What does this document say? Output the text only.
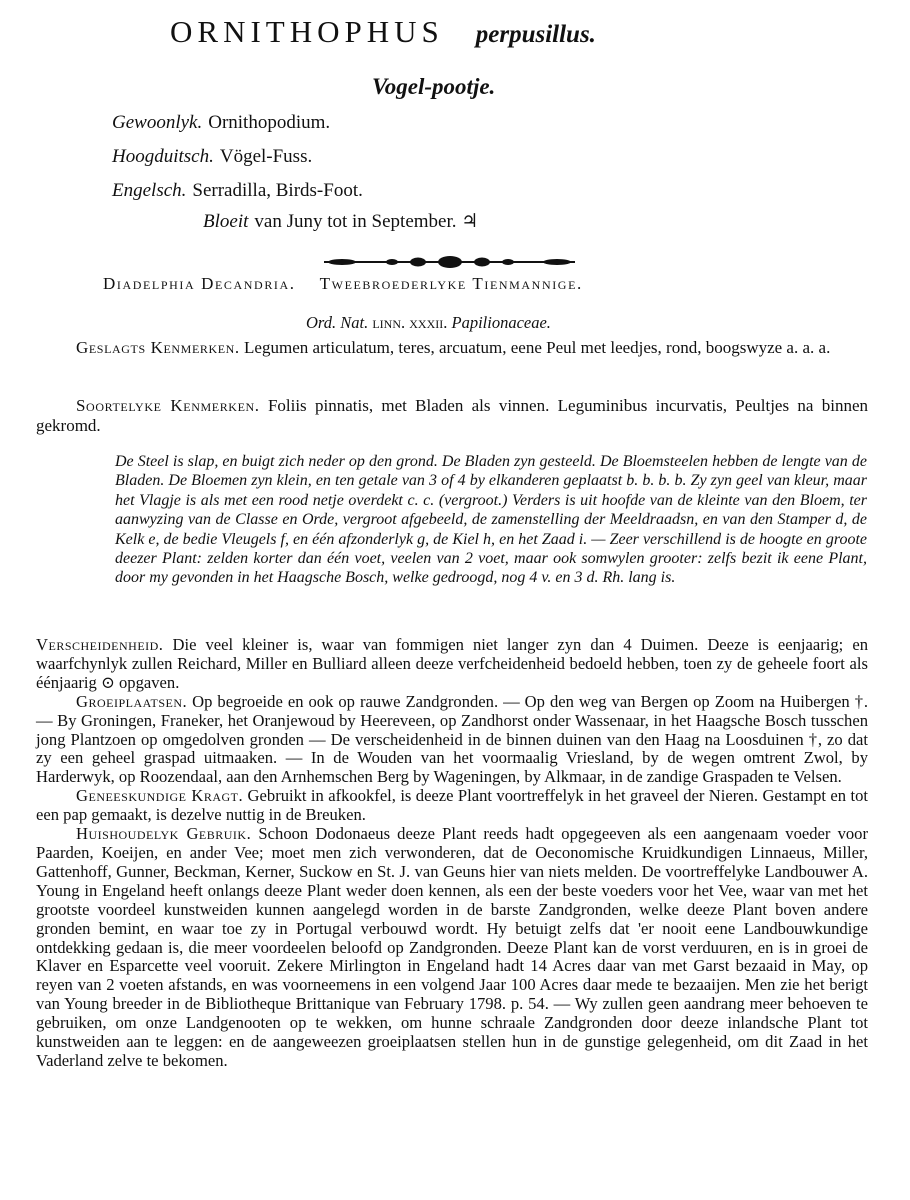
ORNITHOPHUS perpusillus.
Vogel-pootje.
Gewoonlyk. Ornithopodium.
Hoogduitsch. Vögel-Fuss.
Engelsch. Serradilla, Birds-Foot.
Bloeit van Juny tot in September. ♃
Diadelphia Decandria. Tweebroederlyke Tienmannige.
Ord. Nat. linn. xxxii. Papilionaceae.

Geslagts Kenmerken. Legumen articulatum, teres, arcuatum, eene Peul met leedjes, rond, boogswyze a. a. a.

Soortelyke Kenmerken. Foliis pinnatis, met Bladen als vinnen. Leguminibus incurvatis, Peultjes na binnen gekromd.

De Steel is slap, en buigt zich neder op den grond. De Bladen zyn gesteeld. De Bloemsteelen hebben de lengte van de Bladen. De Bloemen zyn klein, en ten getale van 3 of 4 by elkanderen geplaatst b. b. b. b. Zy zyn geel van kleur, maar het Vlagje is als met een rood netje overdekt c. c. (vergroot.) Verders is uit hoofde van de kleinte van den Bloem, ter aanwyzing van de Classe en Orde, vergroot afgebeeld, de zamenstelling der Meeldraadsn, en van den Stamper d, de Kelk e, de bedie Vleugels f, en één afzonderlyk g, de Kiel h, en het Zaad i. — Zeer verschillend is de hoogte en groote deezer Plant: zelden korter dan één voet, veelen van 2 voet, maar ook somwylen grooter: zelfs bezit ik eene Plant, door my gevonden in het Haagsche Bosch, welke gedroogd, nog 4 v. en 3 d. Rh. lang is.

Verscheidenheid. Die veel kleiner is, waar van fommigen niet langer zyn dan 4 Duimen. Deeze is eenjaarig; en waarfchynlyk zullen Reichard, Miller en Bulliard alleen deeze verfcheidenheid bedoeld hebben, toen zy de geheele foort als éénjaarig ⊙ opgaven.

Groeiplaatsen. Op begroeide en ook op rauwe Zandgronden. — Op den weg van Bergen op Zoom na Huibergen †. — By Groningen, Franeker, het Oranjewoud by Heereveen, op Zandhorst onder Wassenaar, in het Haagsche Bosch tusschen jong Plantzoen op omgedolven gronden — De verscheidenheid in de binnen duinen van den Haag na Loosduinen †, zo dat zy een geheel graspad uitmaaken. — In de Wouden van het voormaalig Vriesland, by de wegen omtrent Zwol, by Harderwyk, op Roozendaal, aan den Arnhemschen Berg by Wageningen, by Alkmaar, in de zandige Graspaden te Velsen.

Geneeskundige Kragt. Gebruikt in afkookfel, is deeze Plant voortreffelyk in het graveel der Nieren. Gestampt en tot een pap gemaakt, is dezelve nuttig in de Breuken.

Huishoudelyk Gebruik. Schoon Dodonaeus deeze Plant reeds hadt opgegeeven als een aangenaam voeder voor Paarden, Koeijen, en ander Vee; moet men zich verwonderen, dat de Oeconomische Kruidkundigen Linnaeus, Miller, Gattenhoff, Gunner, Beckman, Kerner, Suckow en St. J. van Geuns hier van niets melden. De voortreffelyke Landbouwer A. Young in Engeland heeft onlangs deeze Plant weder doen kennen, als een der beste voeders voor het Vee, waar van met het grootste voordeel kunstweiden kunnen aangelegd worden in de barste Zandgronden, welke deeze Plant boven andere gronden bemint, en waar toe zy in Portugal verbouwd wordt. Hy betuigt zelfs dat 'er nooit eene Landbouwkundige ontdekking gedaan is, die meer voordeelen beloofd op Zandgronden. Deeze Plant kan de vorst verduuren, en is in groei de Klaver en Esparcette veel vooruit. Zekere Mirlington in Engeland hadt 14 Acres daar van met Garst bezaaid in May, op reyen van 2 voeten afstands, en was voorneemens in een volgend Jaar 100 Acres daar mede te bezaaijen. Men zie het berigt van Young breeder in de Bibliotheque Brittanique van February 1798. p. 54. — Wy zullen geen aandrang meer behoeven te gebruiken, om onze Landgenooten op te wekken, om hunne schraale Zandgronden door deeze inlandsche Plant tot kunstweiden aan te leggen: en de aangeweezen groeiplaatsen stellen hun in de gunstige gelegenheid, om dit Zaad in het Vaderland zelve te bekomen.
